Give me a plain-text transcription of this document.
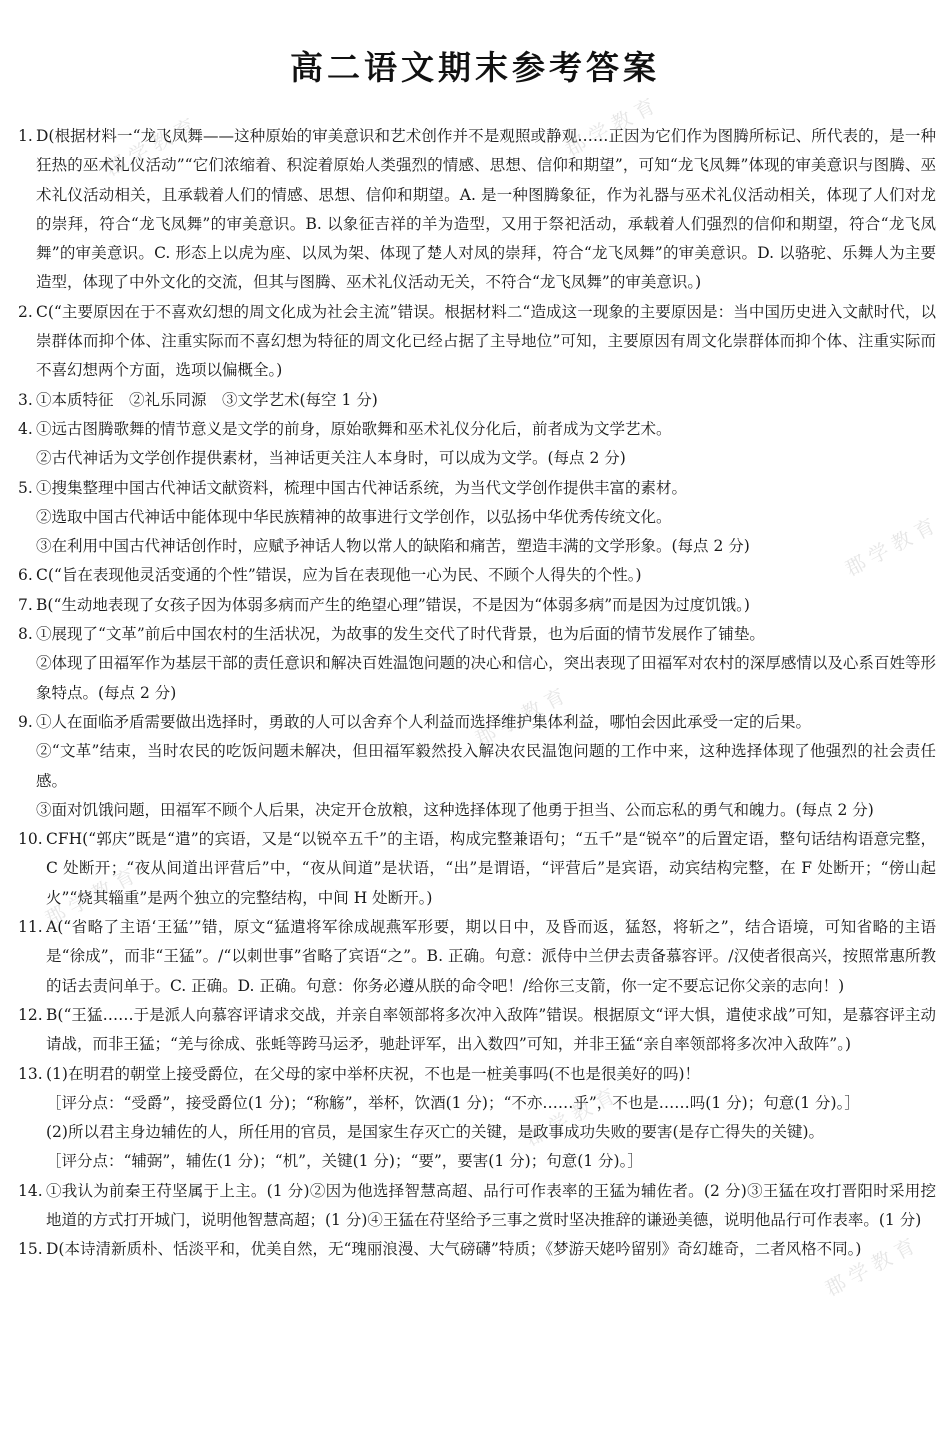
郡学教育	郡学教育
郡学教育
郡学教育
郡学教育
郡学教育
郡学教育
高二语文期末参考答案
1. D(根据材料一“龙飞凤舞——这种原始的审美意识和艺术创作并不是观照或静观……正因为它们作为图腾所标记、所代表的，是一种狂热的巫术礼仪活动”“它们浓缩着、积淀着原始人类强烈的情感、思想、信仰和期望”，可知“龙飞凤舞”体现的审美意识与图腾、巫术礼仪活动相关，且承载着人们的情感、思想、信仰和期望。A. 是一种图腾象征，作为礼器与巫术礼仪活动相关，体现了人们对龙的崇拜，符合“龙飞凤舞”的审美意识。B. 以象征吉祥的羊为造型，又用于祭祀活动，承载着人们强烈的信仰和期望，符合“龙飞凤舞”的审美意识。C. 形态上以虎为座、以凤为架、体现了楚人对凤的崇拜，符合“龙飞凤舞”的审美意识。D. 以骆驼、乐舞人为主要造型，体现了中外文化的交流，但其与图腾、巫术礼仪活动无关，不符合“龙飞凤舞”的审美意识。)
2. C(“主要原因在于不喜欢幻想的周文化成为社会主流”错误。根据材料二“造成这一现象的主要原因是：当中国历史进入文献时代，以崇群体而抑个体、注重实际而不喜幻想为特征的周文化已经占据了主导地位”可知，主要原因有周文化崇群体而抑个体、注重实际而不喜幻想两个方面，选项以偏概全。)
3. ①本质特征　②礼乐同源　③文学艺术(每空 1 分)
4. ①远古图腾歌舞的情节意义是文学的前身，原始歌舞和巫术礼仪分化后，前者成为文学艺术。
②古代神话为文学创作提供素材，当神话更关注人本身时，可以成为文学。(每点 2 分)
5. ①搜集整理中国古代神话文献资料，梳理中国古代神话系统，为当代文学创作提供丰富的素材。
②选取中国古代神话中能体现中华民族精神的故事进行文学创作，以弘扬中华优秀传统文化。
③在利用中国古代神话创作时，应赋予神话人物以常人的缺陷和痛苦，塑造丰满的文学形象。(每点 2 分)
6. C(“旨在表现他灵活变通的个性”错误，应为旨在表现他一心为民、不顾个人得失的个性。)
7. B(“生动地表现了女孩子因为体弱多病而产生的绝望心理”错误，不是因为“体弱多病”而是因为过度饥饿。)
8. ①展现了“文革”前后中国农村的生活状况，为故事的发生交代了时代背景，也为后面的情节发展作了铺垫。
②体现了田福军作为基层干部的责任意识和解决百姓温饱问题的决心和信心，突出表现了田福军对农村的深厚感情以及心系百姓等形象特点。(每点 2 分)
9. ①人在面临矛盾需要做出选择时，勇敢的人可以舍弃个人利益而选择维护集体利益，哪怕会因此承受一定的后果。
②“文革”结束，当时农民的吃饭问题未解决，但田福军毅然投入解决农民温饱问题的工作中来，这种选择体现了他强烈的社会责任感。
③面对饥饿问题，田福军不顾个人后果，决定开仓放粮，这种选择体现了他勇于担当、公而忘私的勇气和魄力。(每点 2 分)
10. CFH(“郭庆”既是“遣”的宾语，又是“以锐卒五千”的主语，构成完整兼语句；“五千”是“锐卒”的后置定语，整句话结构语意完整，C 处断开；“夜从间道出评营后”中，“夜从间道”是状语，“出”是谓语，“评营后”是宾语，动宾结构完整，在 F 处断开；“傍山起火”“烧其辎重”是两个独立的完整结构，中间 H 处断开。)
11. A(“省略了主语‘王猛’”错，原文“猛遣将军徐成觇燕军形要，期以日中，及昏而返，猛怒，将斩之”，结合语境，可知省略的主语是“徐成”，而非“王猛”。/“以刺世事”省略了宾语“之”。B. 正确。句意：派侍中兰伊去责备慕容评。/汉使者很高兴，按照常惠所教的话去责问单于。C. 正确。D. 正确。句意：你务必遵从朕的命令吧！/给你三支箭，你一定不要忘记你父亲的志向！)
12. B(“王猛……于是派人向慕容评请求交战，并亲自率领部将多次冲入敌阵”错误。根据原文“评大惧，遣使求战”可知，是慕容评主动请战，而非王猛；“羌与徐成、张蚝等跨马运矛，驰赴评军，出入数四”可知，并非王猛“亲自率领部将多次冲入敌阵”。)
13. (1)在明君的朝堂上接受爵位，在父母的家中举杯庆祝，不也是一桩美事吗(不也是很美好的吗)！
［评分点：“受爵”，接受爵位(1 分)；“称觞”，举杯，饮酒(1 分)；“不亦……乎”，不也是……吗(1 分)；句意(1 分)。］
(2)所以君主身边辅佐的人，所任用的官员，是国家生存灭亡的关键，是政事成功失败的要害(是存亡得失的关键)。
［评分点：“辅弼”，辅佐(1 分)；“机”，关键(1 分)；“要”，要害(1 分)；句意(1 分)。］
14. ①我认为前秦王苻坚属于上主。(1 分)②因为他选择智慧高超、品行可作表率的王猛为辅佐者。(2 分)③王猛在攻打晋阳时采用挖地道的方式打开城门，说明他智慧高超；(1 分)④王猛在苻坚给予三事之赏时坚决推辞的谦逊美德，说明他品行可作表率。(1 分)
15. D(本诗清新质朴、恬淡平和，优美自然，无“瑰丽浪漫、大气磅礴”特质；《梦游天姥吟留别》奇幻雄奇，二者风格不同。)
